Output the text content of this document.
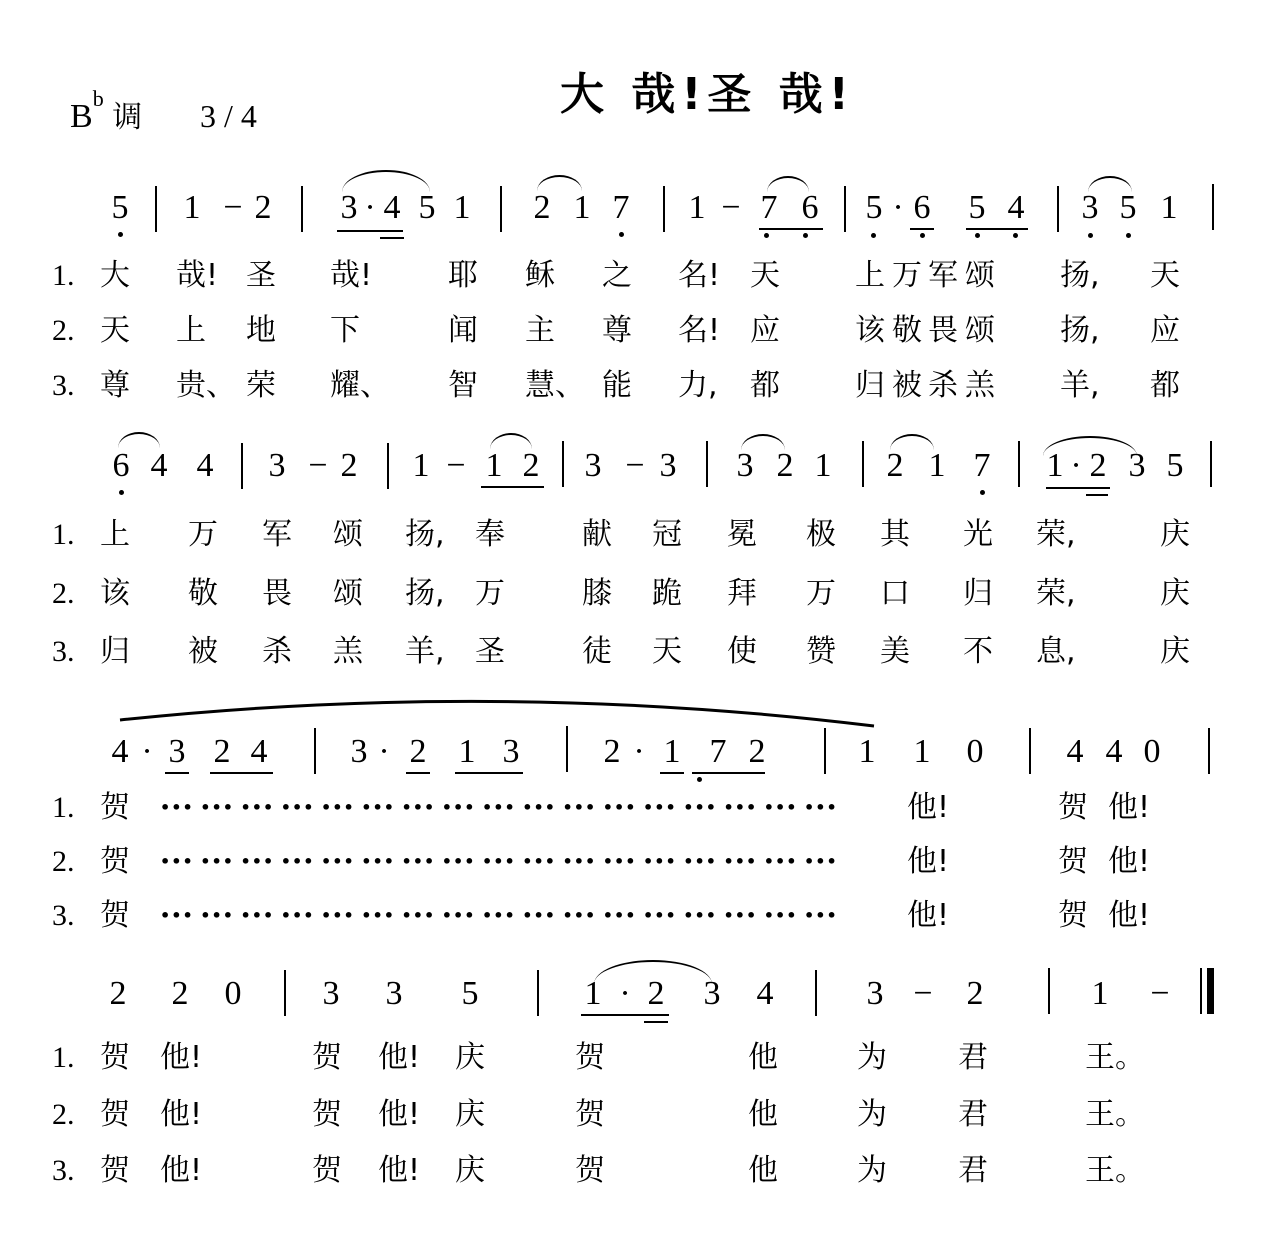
大 哉!圣 哉!
$B^b$ 调 3 / 4
5 1 − 2 3 · 4 5 1 2 1 7 1 − 7 6 5 · 6 5 4 3 5 1
1. 大 哉! 圣 哉!	耶 稣 之 名! 天	上 万 军 颂 扬, 天
2. 天 上 地 下	闻 主 尊 名! 应	该 敬 畏 颂 扬, 应
3. 尊 贵、 荣 耀、 智 慧、 能 力, 都	归 被 杀 羔 羊, 都
6 4 4 3 − 2 1 − 1 2 3 − 3 3 2 1 2 1 7 1 · 2 3 5
1. 上 万 军 颂 扬, 奉	献 冠 冕 极 其 光 荣,	庆
2. 该 敬 畏 颂 扬, 万	膝 跪 拜 万 口 归 荣,	庆
3. 归 被 杀 羔 羊, 圣	徒 天 使 赞 美 不 息,	庆
4 · 3 2 4 3 · 2 1 3 2 · 1 7 2	1 1 0 4 4 0
1. 贺 ••• ••• ••• ••• ••• ••• ••• ••• ••• ••• ••• ••• ••• ••• ••• ••• ••• 他!	贺 他!
2. 贺 ••• ••• ••• ••• ••• ••• ••• ••• ••• ••• ••• ••• ••• ••• ••• ••• ••• 他!	贺 他!
3. 贺 ••• ••• ••• ••• ••• ••• ••• ••• ••• ••• ••• ••• ••• ••• ••• ••• ••• 他!	贺 他!
2 2 0 3 3 5	1 · 2 3 4	3 − 2	1 −
1. 贺 他!	贺 他! 庆	贺	他	为 君	王。
2. 贺 他!	贺 他! 庆	贺	他	为 君	王。
3. 贺 他!	贺 他! 庆	贺	他	为 君	王。
